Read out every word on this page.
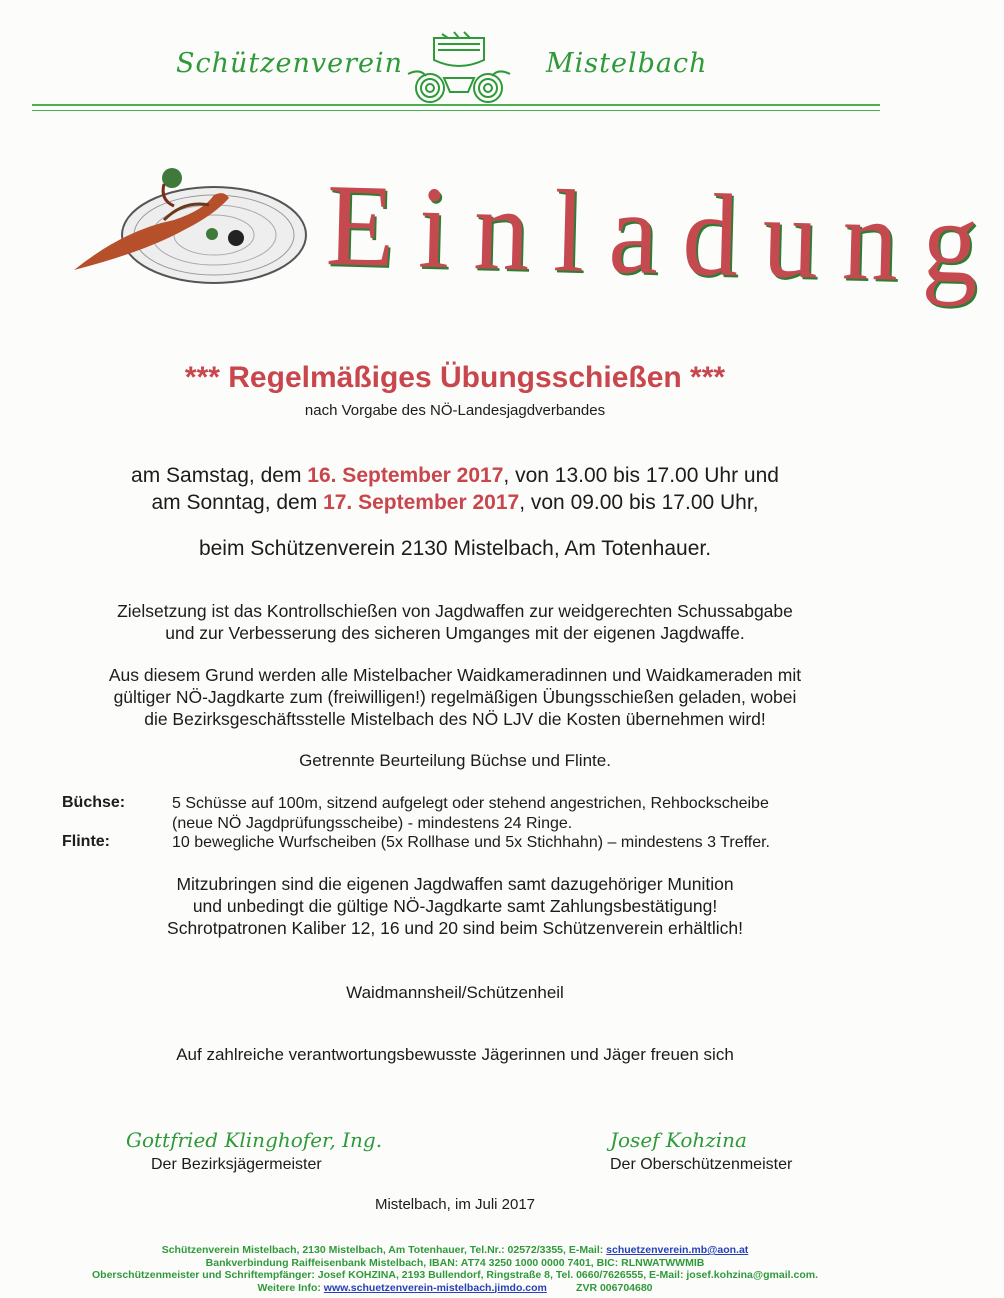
Schützenverein	Mistelbach
Einladung
*** Regelmäßiges Übungsschießen ***
nach Vorgabe des NÖ-Landesjagdverbandes
am Samstag, dem 16. September 2017, von 13.00 bis 17.00 Uhr und
am Sonntag, dem 17. September 2017, von 09.00 bis 17.00 Uhr,
beim Schützenverein 2130 Mistelbach, Am Totenhauer.
Zielsetzung ist das Kontrollschießen von Jagdwaffen zur weidgerechten Schussabgabe
und zur Verbesserung des sicheren Umganges mit der eigenen Jagdwaffe.
Aus diesem Grund werden alle Mistelbacher Waidkameradinnen und Waidkameraden mit
gültiger NÖ-Jagdkarte zum (freiwilligen!) regelmäßigen Übungsschießen geladen, wobei
die Bezirksgeschäftsstelle Mistelbach des NÖ LJV die Kosten übernehmen wird!
Getrennte Beurteilung Büchse und Flinte.
Büchse:	5 Schüsse auf 100m, sitzend aufgelegt oder stehend angestrichen, Rehbockscheibe
(neue NÖ Jagdprüfungsscheibe) - mindestens 24 Ringe.
Flinte:	10 bewegliche Wurfscheiben (5x Rollhase und 5x Stichhahn) – mindestens 3 Treffer.
Mitzubringen sind die eigenen Jagdwaffen samt dazugehöriger Munition
und unbedingt die gültige NÖ-Jagdkarte samt Zahlungsbestätigung!
Schrotpatronen Kaliber 12, 16 und 20 sind beim Schützenverein erhältlich!
Waidmannsheil/Schützenheil
Auf zahlreiche verantwortungsbewusste Jägerinnen und Jäger freuen sich
Gottfried Klinghofer, Ing.
Der Bezirksjägermeister
Josef Kohzina
Der Oberschützenmeister
Mistelbach, im Juli 2017
Schützenverein Mistelbach, 2130 Mistelbach, Am Totenhauer, Tel.Nr.: 02572/3355, E-Mail: schuetzenverein.mb@aon.at
Bankverbindung Raiffeisenbank Mistelbach, IBAN: AT74 3250 1000 0000 7401, BIC: RLNWATWWMIB
Oberschützenmeister und Schriftempfänger: Josef KOHZINA, 2193 Bullendorf, Ringstraße 8, Tel. 0660/7626555, E-Mail: josef.kohzina@gmail.com.
Weitere Info: www.schuetzenverein-mistelbach.jimdo.com          ZVR 006704680
